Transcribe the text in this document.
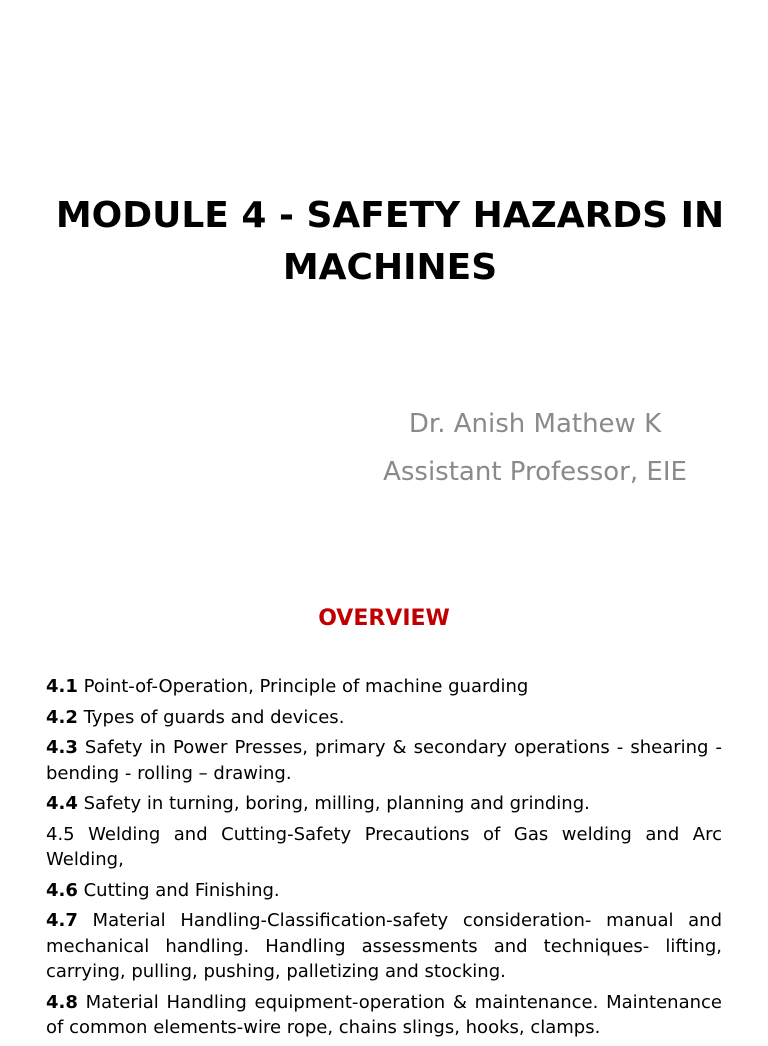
MODULE 4 - SAFETY HAZARDS IN
MACHINES
Dr. Anish Mathew K
Assistant Professor, EIE
OVERVIEW
4.1 Point-of-Operation, Principle of machine guarding
4.2 Types of guards and devices.
4.3 Safety in Power Presses, primary & secondary operations - shearing -bending - rolling – drawing.
4.4 Safety in turning, boring, milling, planning and grinding.
4.5 Welding and Cutting-Safety Precautions of Gas welding and Arc Welding,
4.6 Cutting and Finishing.
4.7 Material Handling-Classification-safety consideration- manual and mechanical handling. Handling assessments and techniques- lifting, carrying, pulling, pushing, palletizing and stocking.
4.8 Material Handling equipment-operation & maintenance. Maintenance of common elements-wire rope, chains slings, hooks, clamps.
